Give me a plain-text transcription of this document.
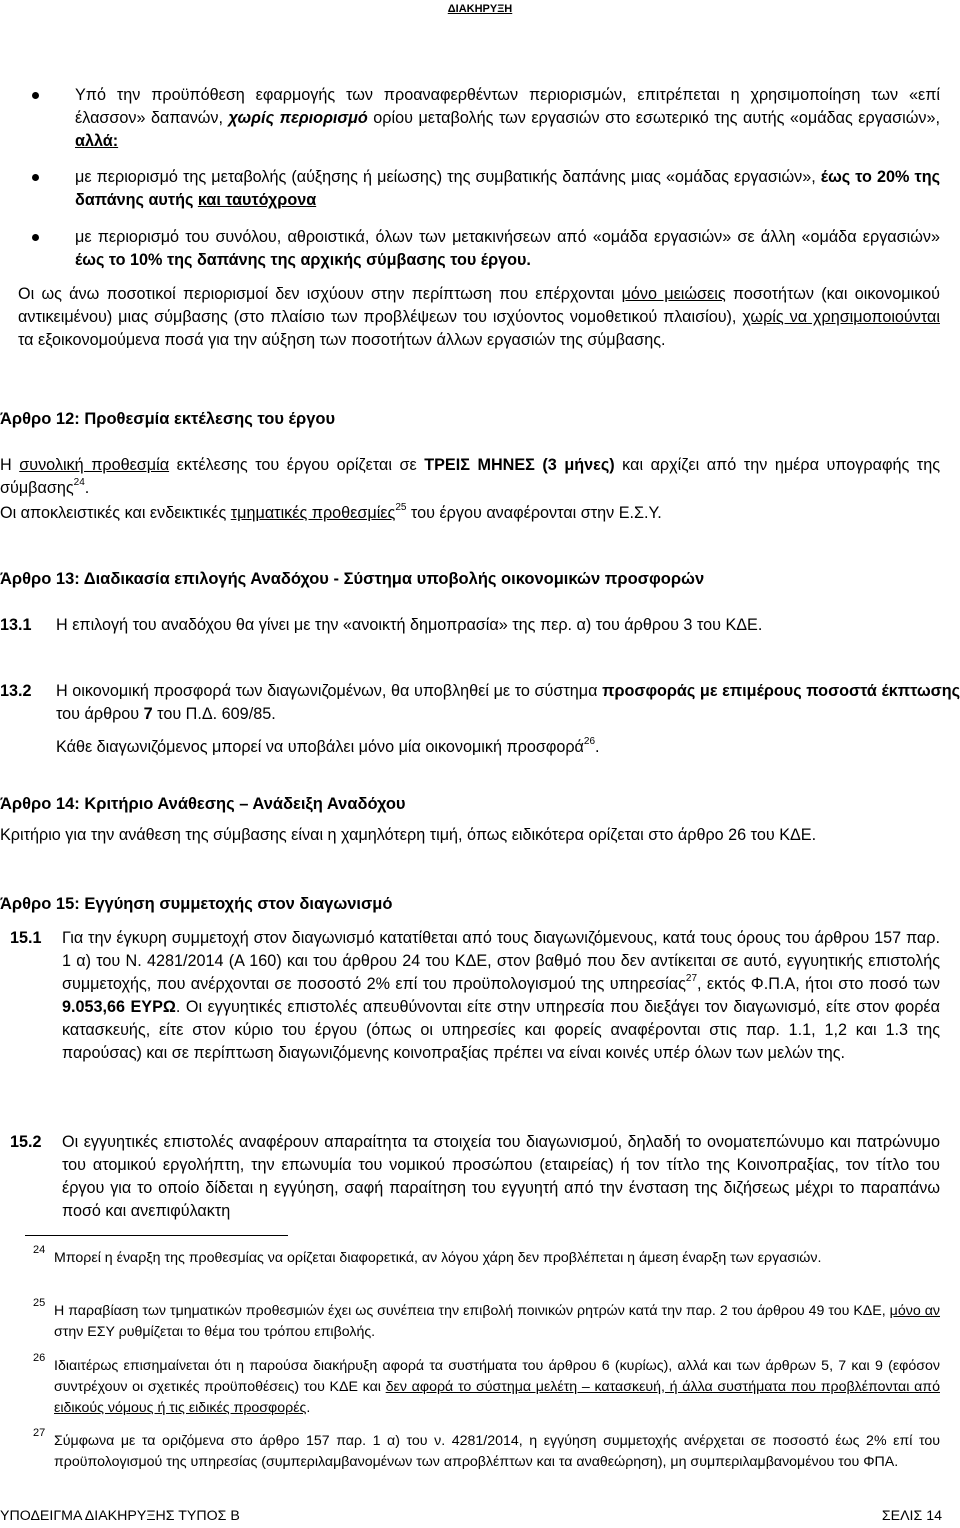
ΔΙΑΚΗΡΥΞΗ
Υπό την προϋπόθεση εφαρμογής των προαναφερθέντων περιορισμών, επιτρέπεται η χρησιμοποίηση των «επί έλασσον» δαπανών, χωρίς περιορισμό ορίου μεταβολής των εργασιών στο εσωτερικό της αυτής «ομάδας εργασιών», αλλά:
με περιορισμό της μεταβολής (αύξησης ή μείωσης) της συμβατικής δαπάνης μιας «ομάδας εργασιών», έως το 20% της δαπάνης αυτής και ταυτόχρονα
με περιορισμό του συνόλου, αθροιστικά, όλων των μετακινήσεων από «ομάδα εργασιών» σε άλλη «ομάδα εργασιών» έως το 10% της δαπάνης της αρχικής σύμβασης του έργου.
Οι ως άνω ποσοτικοί περιορισμοί δεν ισχύουν στην περίπτωση που επέρχονται μόνο μειώσεις ποσοτήτων (και οικονομικού αντικειμένου) μιας σύμβασης (στο πλαίσιο των προβλέψεων του ισχύοντος νομοθετικού πλαισίου), χωρίς να χρησιμοποιούνται τα εξοικονομούμενα ποσά για την αύξηση των ποσοτήτων άλλων εργασιών της σύμβασης.
Άρθρο 12: Προθεσμία εκτέλεσης του έργου
Η συνολική προθεσμία εκτέλεσης του έργου ορίζεται σε ΤΡΕΙΣ ΜΗΝΕΣ (3 μήνες) και αρχίζει από την ημέρα υπογραφής της σύμβασης$^{24}$.
Οι αποκλειστικές και ενδεικτικές τμηματικές προθεσμίες$^{25}$ του έργου αναφέρονται στην Ε.Σ.Υ.
Άρθρο 13: Διαδικασία επιλογής Αναδόχου - Σύστημα υποβολής οικονομικών προσφορών
13.1 Η επιλογή του αναδόχου θα γίνει με την «ανοικτή δημοπρασία» της περ. α) του άρθρου 3 του ΚΔΕ.
13.2 Η οικονομική προσφορά των διαγωνιζομένων, θα υποβληθεί με το σύστημα προσφοράς με επιμέρους ποσοστά έκπτωσης του άρθρου 7 του Π.Δ. 609/85.
Κάθε διαγωνιζόμενος μπορεί να υποβάλει μόνο μία οικονομική προσφορά$^{26}$.
Άρθρο 14: Κριτήριο Ανάθεσης – Ανάδειξη Αναδόχου
Κριτήριο για την ανάθεση της σύμβασης είναι η χαμηλότερη τιμή, όπως ειδικότερα ορίζεται στο άρθρο 26 του ΚΔΕ.
Άρθρο 15: Εγγύηση συμμετοχής στον διαγωνισμό
15.1 Για την έγκυρη συμμετοχή στον διαγωνισμό κατατίθεται από τους διαγωνιζόμενους, κατά τους όρους του άρθρου 157 παρ. 1 α) του Ν. 4281/2014 (Α 160) και του άρθρου 24 του ΚΔΕ, στον βαθμό που δεν αντίκειται σε αυτό, εγγυητικής επιστολής συμμετοχής, που ανέρχονται σε ποσοστό 2% επί του προϋπολογισμού της υπηρεσίας$^{27}$, εκτός Φ.Π.Α, ήτοι στο ποσό των 9.053,66 ΕΥΡΩ. Οι εγγυητικές επιστολές απευθύνονται είτε στην υπηρεσία που διεξάγει τον διαγωνισμό, είτε στον φορέα κατασκευής, είτε στον κύριο του έργου (όπως οι υπηρεσίες και φορείς αναφέρονται στις παρ. 1.1, 1,2 και 1.3 της παρούσας) και σε περίπτωση διαγωνιζόμενης κοινοπραξίας πρέπει να είναι κοινές υπέρ όλων των μελών της.
15.2 Οι εγγυητικές επιστολές αναφέρουν απαραίτητα τα στοιχεία του διαγωνισμού, δηλαδή το ονοματεπώνυμο και πατρώνυμο του ατομικού εργολήπτη, την επωνυμία του νομικού προσώπου (εταιρείας) ή τον τίτλο της Κοινοπραξίας, τον τίτλο του έργου για το οποίο δίδεται η εγγύηση, σαφή παραίτηση του εγγυητή από την ένσταση της διζήσεως μέχρι το παραπάνω ποσό και ανεπιφύλακτη
24 Μπορεί η έναρξη της προθεσμίας να ορίζεται διαφορετικά, αν λόγου χάρη δεν προβλέπεται η άμεση έναρξη των εργασιών.
25 Η παραβίαση των τμηματικών προθεσμιών έχει ως συνέπεια την επιβολή ποινικών ρητρών κατά την παρ. 2 του άρθρου 49 του ΚΔΕ, μόνο αν στην ΕΣΥ ρυθμίζεται το θέμα του τρόπου επιβολής.
26 Ιδιαιτέρως επισημαίνεται ότι η παρούσα διακήρυξη αφορά τα συστήματα του άρθρου 6 (κυρίως), αλλά και των άρθρων 5, 7 και 9 (εφόσον συντρέχουν οι σχετικές προϋποθέσεις) του ΚΔΕ και δεν αφορά το σύστημα μελέτη – κατασκευή, ή άλλα συστήματα που προβλέπονται από ειδικούς νόμους ή τις ειδικές προσφορές.
27 Σύμφωνα με τα οριζόμενα στο άρθρο 157 παρ. 1 α) του ν. 4281/2014, η εγγύηση συμμετοχής ανέρχεται σε ποσοστό έως 2% επί του προϋπολογισμού της υπηρεσίας (συμπεριλαμβανομένων των απροβλέπτων και τα αναθεώρηση), μη συμπεριλαμβανομένου του ΦΠΑ.
ΥΠΟΔΕΙΓΜΑ ΔΙΑΚΗΡΥΞΗΣ ΤΥΠΟΣ Β	ΣΕΛΙΣ 14
